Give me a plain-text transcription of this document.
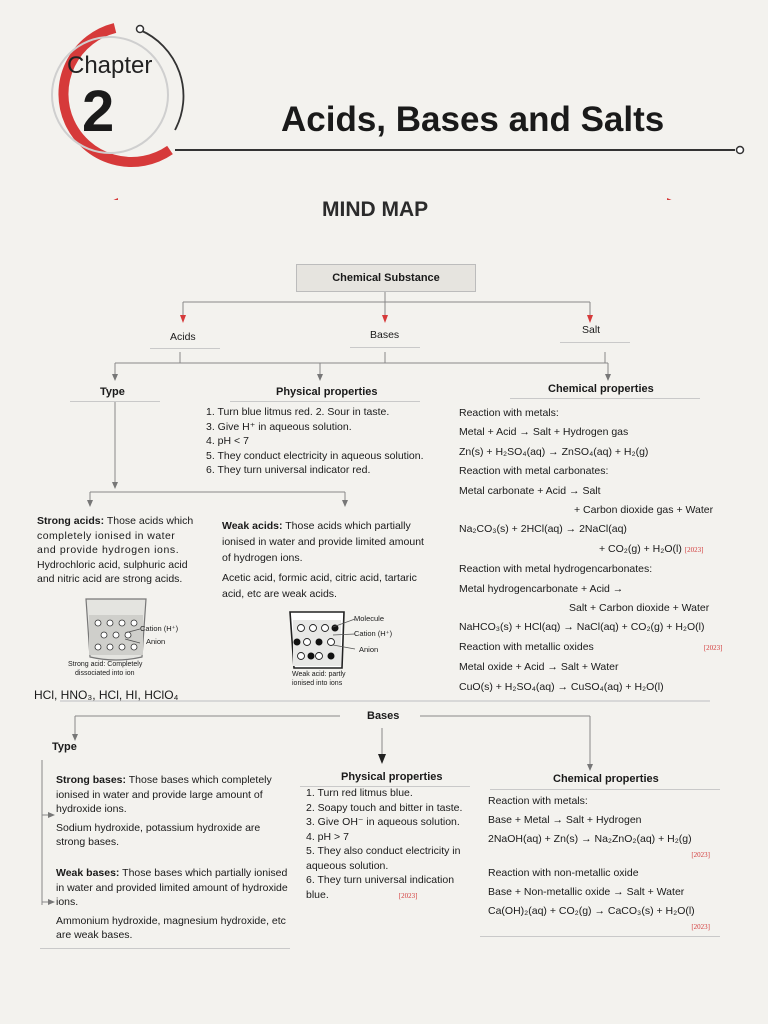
Chapter
2	Acids, Bases and Salts
MIND MAP
Chemical Substance
Acids	Bases	Salt
Type	Physical properties	Chemical properties
1. Turn blue litmus red. 2. Sour in taste.
3. Give H⁺ in aqueous solution.
4. pH < 7
5. They conduct electricity in aqueous solution.
6. They turn universal indicator red.
Reaction with metals:
Metal + Acid → Salt + Hydrogen gas
Zn(s) + H₂SO₄(aq) → ZnSO₄(aq) + H₂(g)
Reaction with metal carbonates:
Metal carbonate + Acid → Salt
+ Carbon dioxide gas + Water
Na₂CO₃(s) + 2HCl(aq) → 2NaCl(aq)
+ CO₂(g) + H₂O(l) [2023]
Reaction with metal hydrogencarbonates:
Metal hydrogencarbonate + Acid →
Salt + Carbon dioxide + Water
NaHCO₃(s) + HCl(aq) → NaCl(aq) + CO₂(g) + H₂O(l)
Reaction with metallic oxides	[2023]
Metal oxide + Acid → Salt + Water
CuO(s) + H₂SO₄(aq) → CuSO₄(aq) + H₂O(l)
Strong acids: Those acids which
completely ionised in water
and provide hydrogen ions.
Hydrochloric acid, sulphuric acid
and nitric acid are strong acids.
Weak acids: Those acids which partially
ionised in water and provide limited amount
of hydrogen ions.
Acetic acid, formic acid, citric acid, tartaric
acid, etc are weak acids.
Cation (H⁺)
Anion
Strong acid: Completely
dissociated into ion
Molecule
Cation (H⁺)
Anion
Weak acid: partly
ionised into ions
HCl, HNO₃, HCl, HI, HClO₄
Bases
Type
Physical properties	Chemical properties
Strong bases: Those bases which completely
ionised in water and provide large amount of
hydroxide ions.
Sodium hydroxide, potassium hydroxide are
strong bases.
Weak bases: Those bases which partially ionised
in water and provided limited amount of hydroxide
ions.
Ammonium hydroxide, magnesium hydroxide, etc
are weak bases.
1. Turn red litmus blue.
2. Soapy touch and bitter in taste.
3. Give OH⁻ in aqueous solution.
4. pH > 7
5. They also conduct electricity in
aqueous solution.
6. They turn universal indication
blue.	[2023]
Reaction with metals:
Base + Metal → Salt + Hydrogen
2NaOH(aq) + Zn(s) → Na₂ZnO₂(aq) + H₂(g)
[2023]
Reaction with non-metallic oxide
Base + Non-metallic oxide → Salt + Water
Ca(OH)₂(aq) + CO₂(g) → CaCO₃(s) + H₂O(l)
[2023]
